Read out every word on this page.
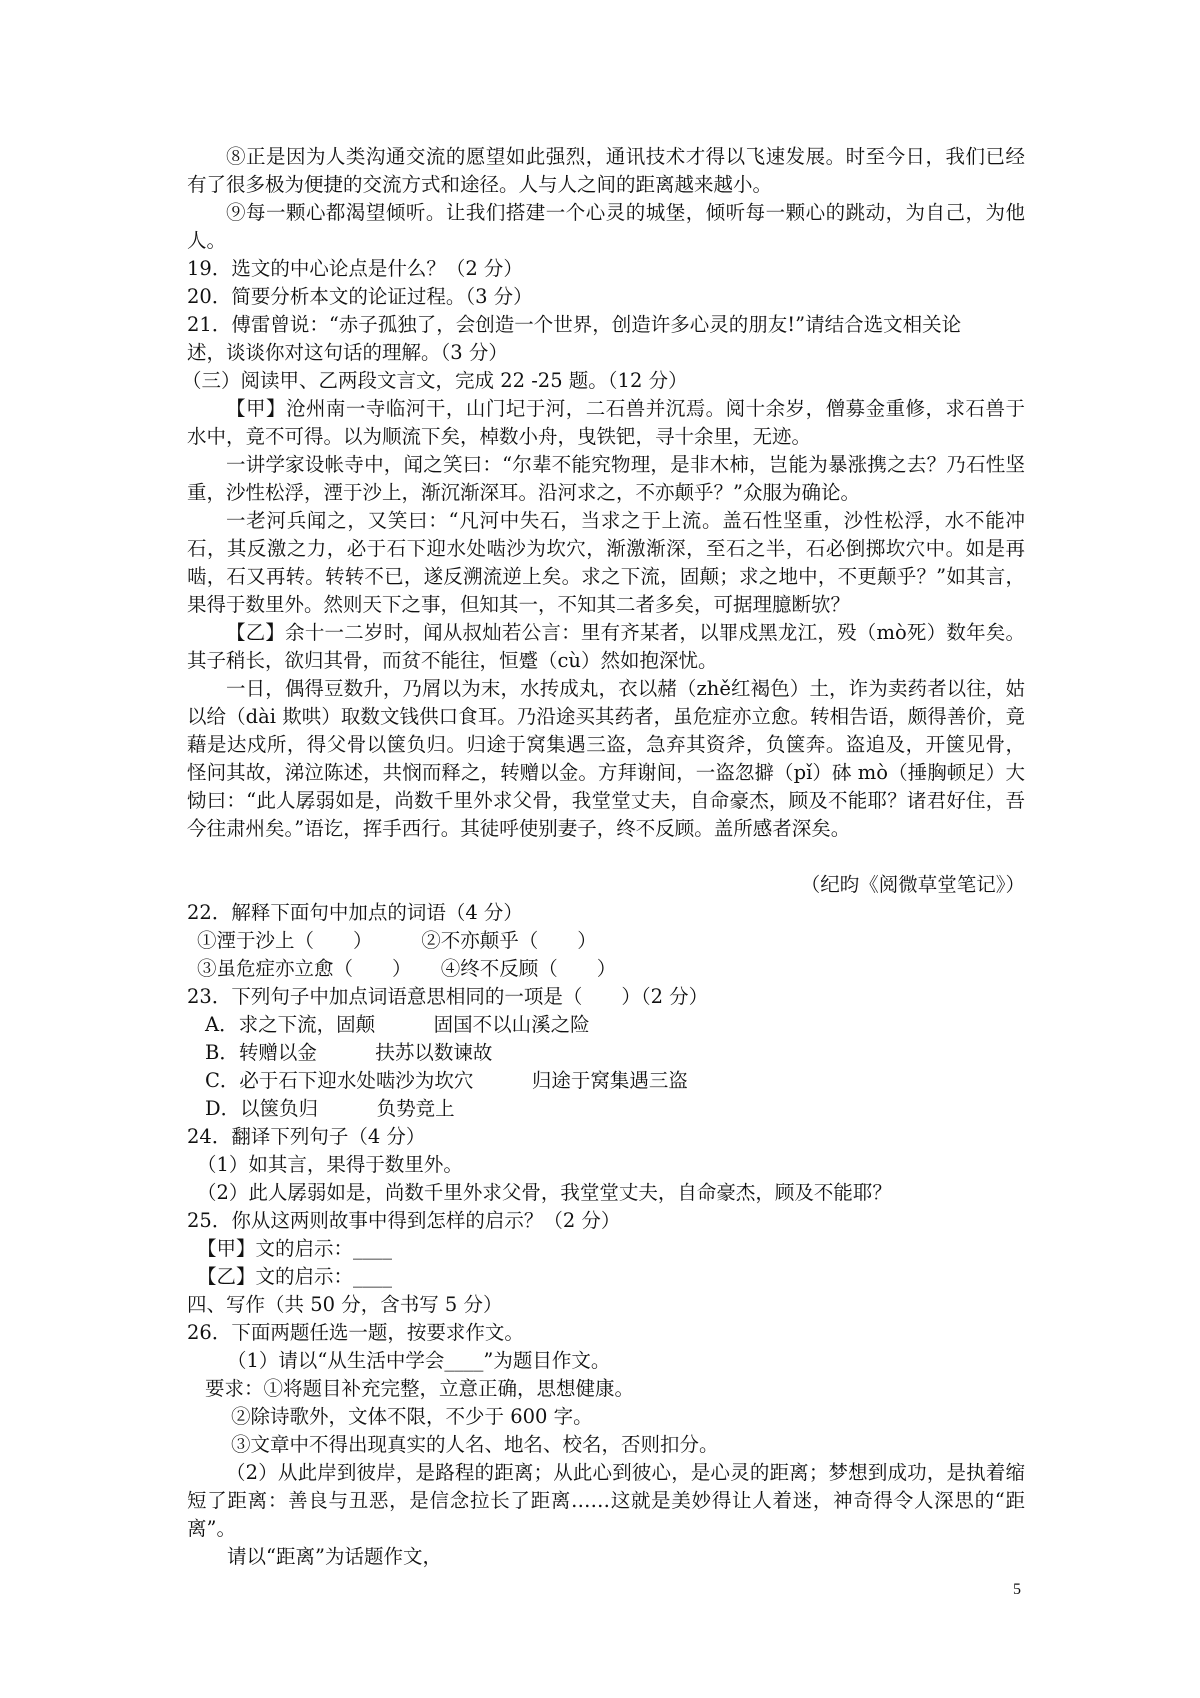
⑧正是因为人类沟通交流的愿望如此强烈，通讯技术才得以飞速发展。时至今日，我们已经有了很多极为便捷的交流方式和途径。人与人之间的距离越来越小。
⑨每一颗心都渴望倾听。让我们搭建一个心灵的城堡，倾听每一颗心的跳动，为自己，为他人。
19．选文的中心论点是什么？（2 分）
20．简要分析本文的论证过程。（3 分）
21．傅雷曾说：“赤子孤独了，会创造一个世界，创造许多心灵的朋友!”请结合选文相关论
述，谈谈你对这句话的理解。（3 分）
（三）阅读甲、乙两段文言文，完成 22 -25 题。（12 分）
【甲】沧州南一寺临河干，山门圮于河，二石兽并沉焉。阅十余岁，僧募金重修，求石兽于水中，竟不可得。以为顺流下矣，棹数小舟，曳铁钯，寻十余里，无迹。
一讲学家设帐寺中，闻之笑曰：“尔辈不能究物理，是非木柿，岂能为暴涨携之去？乃石性坚重，沙性松浮，湮于沙上，渐沉渐深耳。沿河求之，不亦颠乎？”众服为确论。
一老河兵闻之，又笑曰：“凡河中失石，当求之于上流。盖石性坚重，沙性松浮，水不能冲石，其反激之力，必于石下迎水处啮沙为坎穴，渐激渐深，至石之半，石必倒掷坎穴中。如是再啮，石又再转。转转不已，遂反溯流逆上矣。求之下流，固颠；求之地中，不更颠乎？”如其言，果得于数里外。然则天下之事，但知其一，不知其二者多矣，可据理臆断欤？
【乙】余十一二岁时，闻从叔灿若公言：里有齐某者，以罪戍黑龙江，殁（mò死）数年矣。其子稍长，欲归其骨，而贫不能往，恒蹙（cù）然如抱深忧。
一日，偶得豆数升，乃屑以为末，水抟成丸，衣以赭（zhě红褐色）土，诈为卖药者以往，姑以给（dài 欺哄）取数文钱供口食耳。乃沿途买其药者，虽危症亦立愈。转相告语，颇得善价，竟藉是达戍所，得父骨以箧负归。归途于窝集遇三盗，急弃其资斧，负箧奔。盗追及，开箧见骨，怪问其故，涕泣陈述，共悯而释之，转赠以金。方拜谢间，一盗忽擗（pǐ）砵 mò（捶胸顿足）大恸曰：“此人孱弱如是，尚数千里外求父骨，我堂堂丈夫，自命豪杰，顾及不能耶？诸君好住，吾今往肃州矣。”语讫，挥手西行。其徒呼使别妻子，终不反顾。盖所感者深矣。
（纪昀《阅微草堂笔记》）
22．解释下面句中加点的词语（4 分）
①湮于沙上（　　）　　　②不亦颠乎（　　）
③虽危症亦立愈（　　）　　④终不反顾（　　）
23．下列句子中加点词语意思相同的一项是（　　）（2 分）
A．求之下流，固颠　　　固国不以山溪之险
B．转赠以金　　　扶苏以数谏故
C．必于石下迎水处啮沙为坎穴　　　归途于窝集遇三盗
D．以箧负归　　　负势竞上
24．翻译下列句子（4 分）
（1）如其言，果得于数里外。
（2）此人孱弱如是，尚数千里外求父骨，我堂堂丈夫，自命豪杰，顾及不能耶？
25．你从这两则故事中得到怎样的启示？（2 分）
【甲】文的启示：____
【乙】文的启示：____
四、写作（共 50 分，含书写 5 分）
26．下面两题任选一题，按要求作文。
（1）请以“从生活中学会____”为题目作文。
要求：①将题目补充完整，立意正确，思想健康。
②除诗歌外，文体不限，不少于 600 字。
③文章中不得出现真实的人名、地名、校名，否则扣分。
（2）从此岸到彼岸，是路程的距离；从此心到彼心，是心灵的距离；梦想到成功，是执着缩短了距离：善良与丑恶，是信念拉长了距离……这就是美妙得让人着迷，神奇得令人深思的“距离”。
请以“距离”为话题作文，
5
